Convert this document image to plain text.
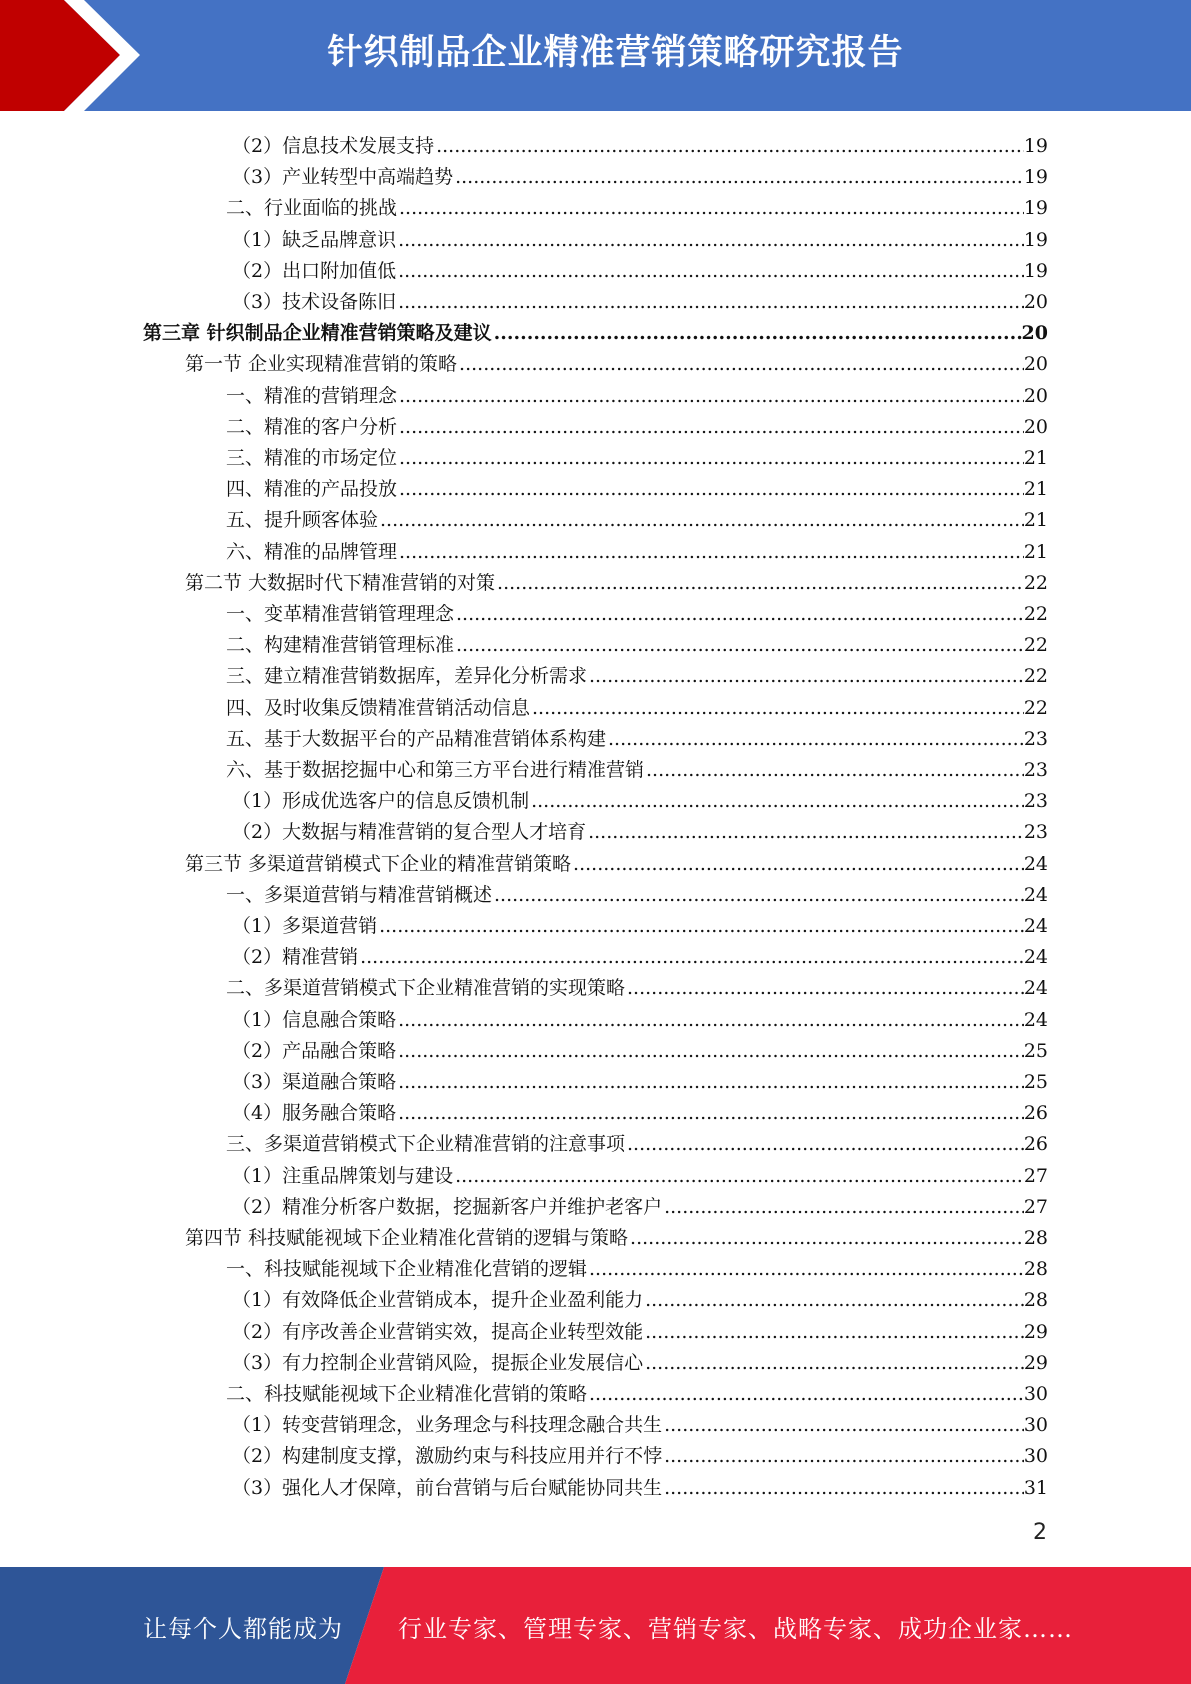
针织制品企业精准营销策略研究报告
（2）信息技术发展支持 .....	19
（3）产业转型中高端趋势 .....	19
二、行业面临的挑战 .....	19
（1）缺乏品牌意识 .....	19
（2）出口附加值低 .....	19
（3）技术设备陈旧 .....	20
第三章 针织制品企业精准营销策略及建议 .....	20
第一节 企业实现精准营销的策略 .....	20
一、精准的营销理念 .....	20
二、精准的客户分析 .....	20
三、精准的市场定位 .....	21
四、精准的产品投放 .....	21
五、提升顾客体验 .....	21
六、精准的品牌管理 .....	21
第二节 大数据时代下精准营销的对策 .....	22
一、变革精准营销管理理念 .....	22
二、构建精准营销管理标准 .....	22
三、建立精准营销数据库，差异化分析需求 .....	22
四、及时收集反馈精准营销活动信息 .....	22
五、基于大数据平台的产品精准营销体系构建 .....	23
六、基于数据挖掘中心和第三方平台进行精准营销 .....	23
（1）形成优选客户的信息反馈机制 .....	23
（2）大数据与精准营销的复合型人才培育 .....	23
第三节 多渠道营销模式下企业的精准营销策略 .....	24
一、多渠道营销与精准营销概述 .....	24
（1）多渠道营销 .....	24
（2）精准营销 .....	24
二、多渠道营销模式下企业精准营销的实现策略 .....	24
（1）信息融合策略 .....	24
（2）产品融合策略 .....	25
（3）渠道融合策略 .....	25
（4）服务融合策略 .....	26
三、多渠道营销模式下企业精准营销的注意事项 .....	26
（1）注重品牌策划与建设 .....	27
（2）精准分析客户数据，挖掘新客户并维护老客户 .....	27
第四节 科技赋能视域下企业精准化营销的逻辑与策略 .....	28
一、科技赋能视域下企业精准化营销的逻辑 .....	28
（1）有效降低企业营销成本，提升企业盈利能力 .....	28
（2）有序改善企业营销实效，提高企业转型效能 .....	29
（3）有力控制企业营销风险，提振企业发展信心 .....	29
二、科技赋能视域下企业精准化营销的策略 .....	30
（1）转变营销理念，业务理念与科技理念融合共生 .....	30
（2）构建制度支撑，激励约束与科技应用并行不悖 .....	30
（3）强化人才保障，前台营销与后台赋能协同共生 .....	31
2
让每个人都能成为 行业专家、管理专家、营销专家、战略专家、成功企业家……
